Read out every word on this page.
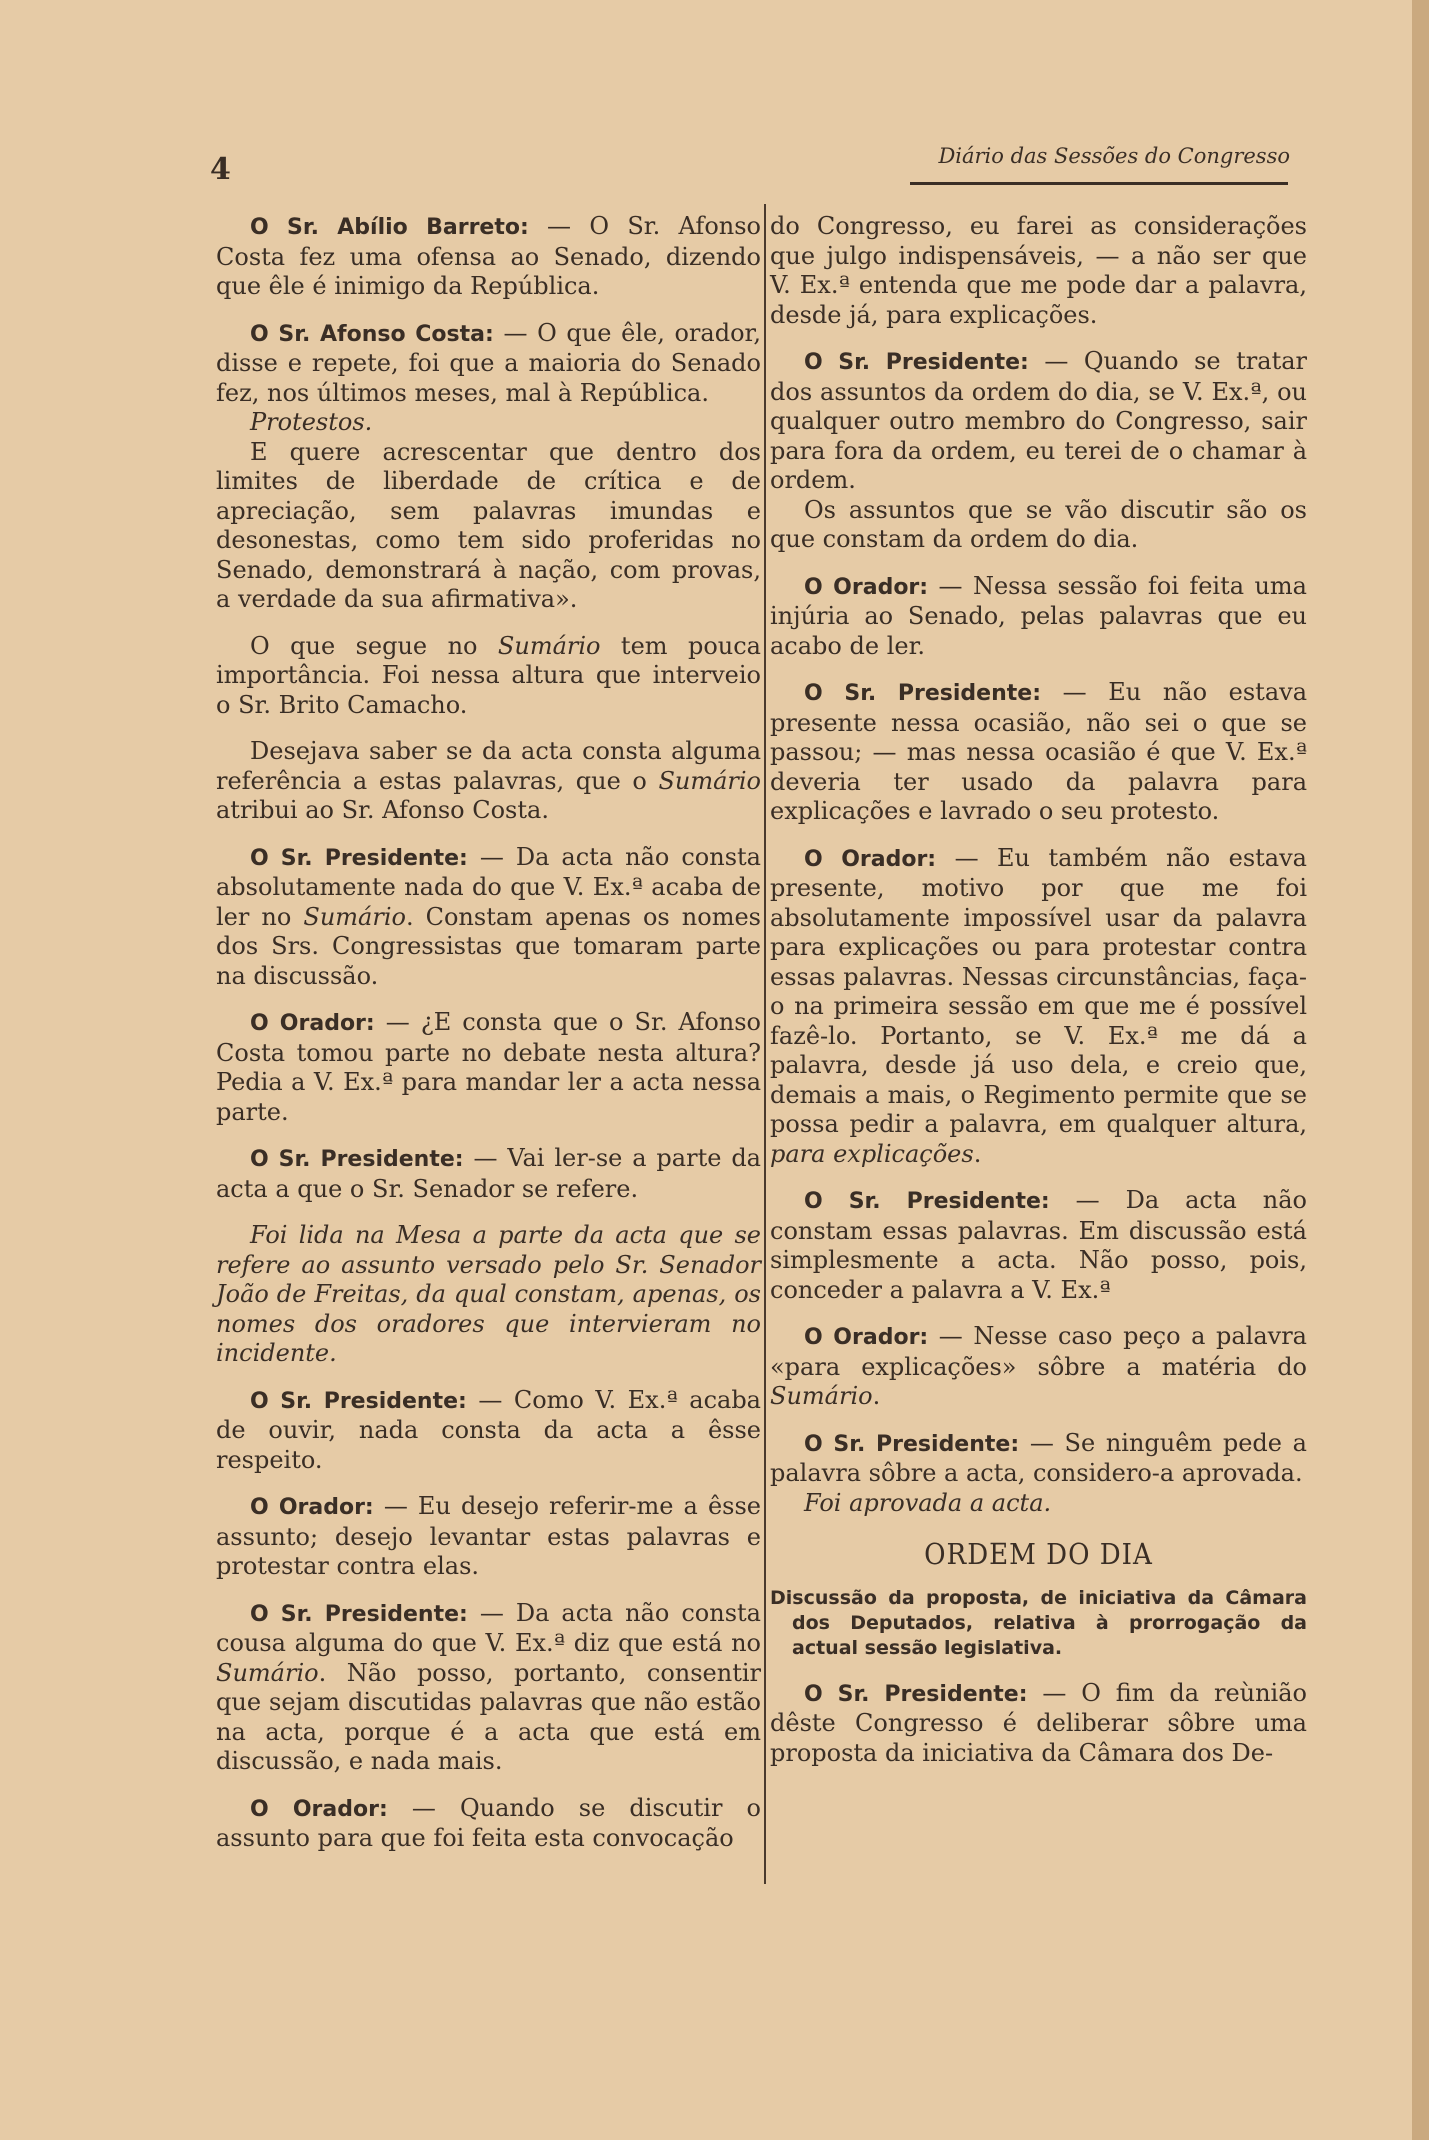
4	Diário das Sessões do Congresso

O Sr. Abílio Barreto: — O Sr. Afonso Costa fez uma ofensa ao Senado, dizendo que êle é inimigo da República.

O Sr. Afonso Costa: — O que êle, orador, disse e repete, foi que a maioria do Senado fez, nos últimos meses, mal à República.

Protestos.

E quere acrescentar que dentro dos limites de liberdade de crítica e de apreciação, sem palavras imundas e desonestas, como tem sido proferidas no Senado, demonstrará à nação, com provas, a verdade da sua afirmativa».

O que segue no Sumário tem pouca importância. Foi nessa altura que interveio o Sr. Brito Camacho.

Desejava saber se da acta consta alguma referência a estas palavras, que o Sumário atribui ao Sr. Afonso Costa.

O Sr. Presidente: — Da acta não consta absolutamente nada do que V. Ex.ª acaba de ler no Sumário. Constam apenas os nomes dos Srs. Congressistas que tomaram parte na discussão.

O Orador: — ¿E consta que o Sr. Afonso Costa tomou parte no debate nesta altura? Pedia a V. Ex.ª para mandar ler a acta nessa parte.

O Sr. Presidente: — Vai ler-se a parte da acta a que o Sr. Senador se refere.

Foi lida na Mesa a parte da acta que se refere ao assunto versado pelo Sr. Senador João de Freitas, da qual constam, apenas, os nomes dos oradores que intervieram no incidente.

O Sr. Presidente: — Como V. Ex.ª acaba de ouvir, nada consta da acta a êsse respeito.

O Orador: — Eu desejo referir-me a êsse assunto; desejo levantar estas palavras e protestar contra elas.

O Sr. Presidente: — Da acta não consta cousa alguma do que V. Ex.ª diz que está no Sumário. Não posso, portanto, consentir que sejam discutidas palavras que não estão na acta, porque é a acta que está em discussão, e nada mais.

O Orador: — Quando se discutir o assunto para que foi feita esta convocação

do Congresso, eu farei as considerações que julgo indispensáveis, — a não ser que V. Ex.ª entenda que me pode dar a palavra, desde já, para explicações.

O Sr. Presidente: — Quando se tratar dos assuntos da ordem do dia, se V. Ex.ª, ou qualquer outro membro do Congresso, sair para fora da ordem, eu terei de o chamar à ordem.

Os assuntos que se vão discutir são os que constam da ordem do dia.

O Orador: — Nessa sessão foi feita uma injúria ao Senado, pelas palavras que eu acabo de ler.

O Sr. Presidente: — Eu não estava presente nessa ocasião, não sei o que se passou; — mas nessa ocasião é que V. Ex.ª deveria ter usado da palavra para explicações e lavrado o seu protesto.

O Orador: — Eu também não estava presente, motivo por que me foi absolutamente impossível usar da palavra para explicações ou para protestar contra essas palavras. Nessas circunstâncias, faça-o na primeira sessão em que me é possível fazê-lo. Portanto, se V. Ex.ª me dá a palavra, desde já uso dela, e creio que, demais a mais, o Regimento permite que se possa pedir a palavra, em qualquer altura, para explicações.

O Sr. Presidente: — Da acta não constam essas palavras. Em discussão está simplesmente a acta. Não posso, pois, conceder a palavra a V. Ex.ª

O Orador: — Nesse caso peço a palavra «para explicações» sôbre a matéria do Sumário.

O Sr. Presidente: — Se ninguêm pede a palavra sôbre a acta, considero-a aprovada.

Foi aprovada a acta.

ORDEM DO DIA
Discussão da proposta, de iniciativa da Câmara dos Deputados, relativa à prorrogação da actual sessão legislativa.

O Sr. Presidente: — O fim da reùnião dêste Congresso é deliberar sôbre uma proposta da iniciativa da Câmara dos De-
